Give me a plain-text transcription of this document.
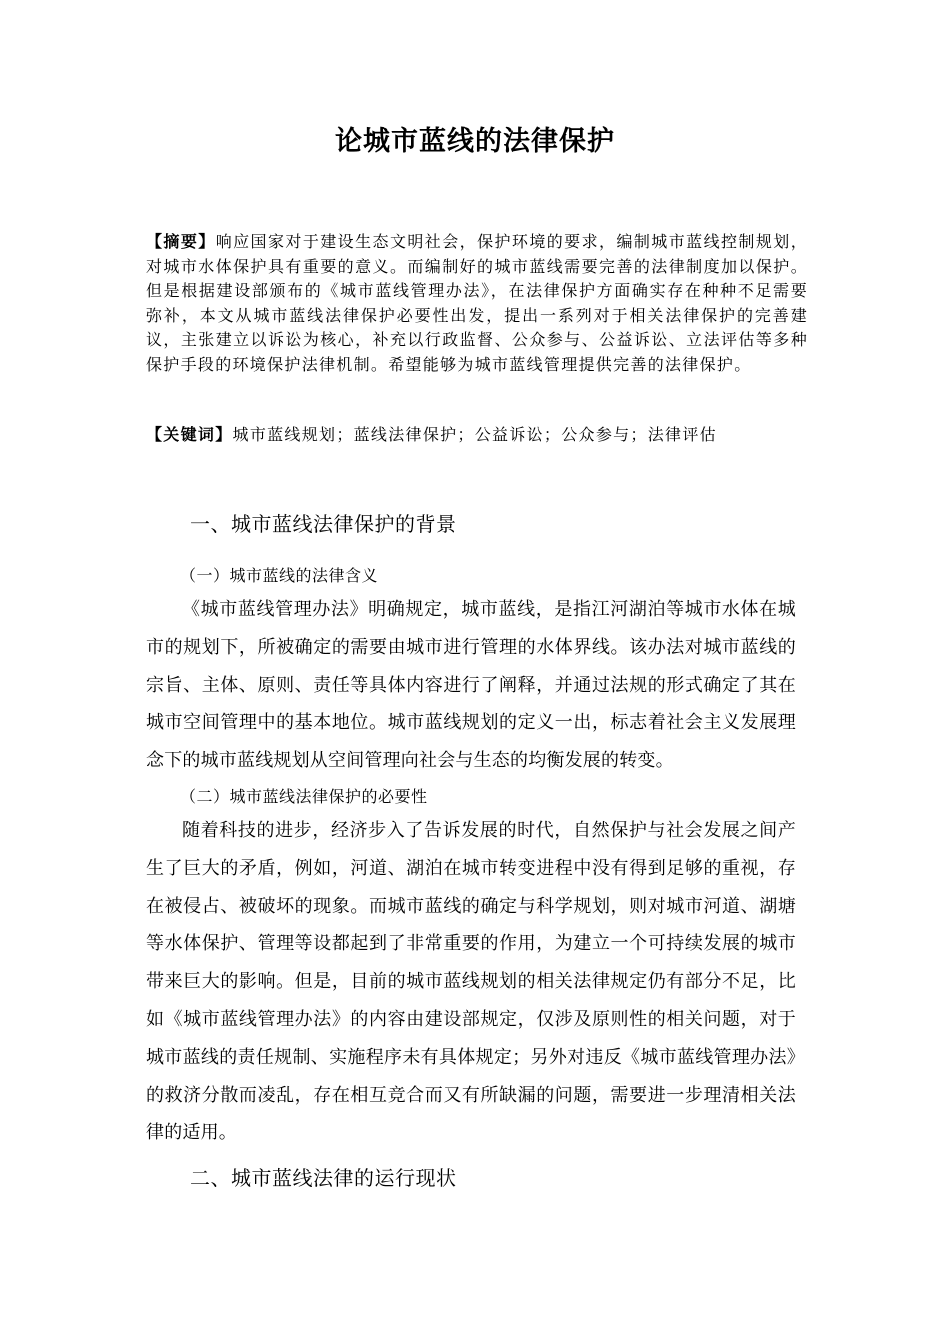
论城市蓝线的法律保护
【摘要】响应国家对于建设生态文明社会，保护环境的要求，编制城市蓝线控制规划，对城市水体保护具有重要的意义。而编制好的城市蓝线需要完善的法律制度加以保护。但是根据建设部颁布的《城市蓝线管理办法》，在法律保护方面确实存在种种不足需要弥补，本文从城市蓝线法律保护必要性出发，提出一系列对于相关法律保护的完善建议，主张建立以诉讼为核心，补充以行政监督、公众参与、公益诉讼、立法评估等多种保护手段的环境保护法律机制。希望能够为城市蓝线管理提供完善的法律保护。
【关键词】城市蓝线规划；蓝线法律保护；公益诉讼；公众参与；法律评估
一、城市蓝线法律保护的背景
（一）城市蓝线的法律含义
《城市蓝线管理办法》明确规定，城市蓝线，是指江河湖泊等城市水体在城市的规划下，所被确定的需要由城市进行管理的水体界线。该办法对城市蓝线的宗旨、主体、原则、责任等具体内容进行了阐释，并通过法规的形式确定了其在城市空间管理中的基本地位。城市蓝线规划的定义一出，标志着社会主义发展理念下的城市蓝线规划从空间管理向社会与生态的均衡发展的转变。
（二）城市蓝线法律保护的必要性
随着科技的进步，经济步入了告诉发展的时代，自然保护与社会发展之间产生了巨大的矛盾，例如，河道、湖泊在城市转变进程中没有得到足够的重视，存在被侵占、被破坏的现象。而城市蓝线的确定与科学规划，则对城市河道、湖塘等水体保护、管理等设都起到了非常重要的作用，为建立一个可持续发展的城市带来巨大的影响。但是，目前的城市蓝线规划的相关法律规定仍有部分不足，比如《城市蓝线管理办法》的内容由建设部规定，仅涉及原则性的相关问题，对于城市蓝线的责任规制、实施程序未有具体规定；另外对违反《城市蓝线管理办法》的救济分散而凌乱，存在相互竞合而又有所缺漏的问题，需要进一步理清相关法律的适用。
二、城市蓝线法律的运行现状
